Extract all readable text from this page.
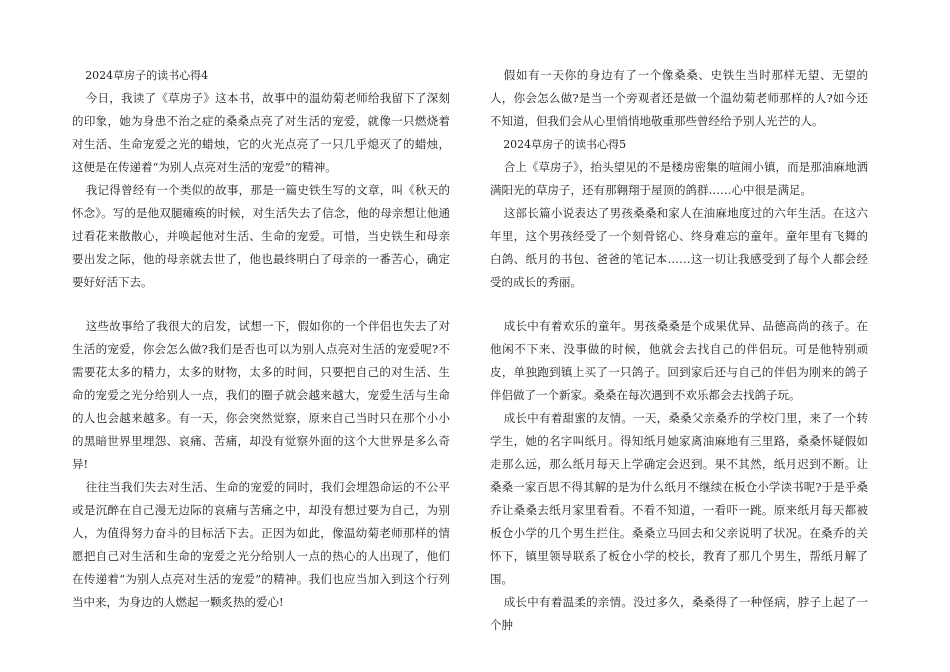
2024草房子的读书心得4

今日，我读了《草房子》这本书，故事中的温幼菊老师给我留下了深刻的印象，她为身患不治之症的桑桑点亮了对生活的宠爱，就像一只燃烧着对生活、生命宠爱之光的蜡烛，它的火光点亮了一只几乎熄灭了的蜡烛，这便是在传递着“为别人点亮对生活的宠爱”的精神。

我记得曾经有一个类似的故事，那是一篇史铁生写的文章，叫《秋天的怀念》。写的是他双腿瘫痪的时候，对生活失去了信念，他的母亲想让他通过看花来散散心，并唤起他对生活、生命的宠爱。可惜，当史铁生和母亲要出发之际，他的母亲就去世了，他也最终明白了母亲的一番苦心，确定要好好活下去。

这些故事给了我很大的启发，试想一下，假如你的一个伴侣也失去了对生活的宠爱，你会怎么做?我们是否也可以为别人点亮对生活的宠爱呢?不需要花太多的精力，太多的财物，太多的时间，只要把自己的对生活、生命的宠爱之光分给别人一点，我们的圈子就会越来越大，宠爱生活与生命的人也会越来越多。有一天，你会突然觉察，原来自己当时只在那个小小的黑暗世界里埋怨、哀痛、苦痛，却没有觉察外面的这个大世界是多么奇异!

往往当我们失去对生活、生命的宠爱的同时，我们会埋怨命运的不公平或是沉醉在自己漫无边际的哀痛与苦痛之中，却没有想过要为自己，为别人，为值得努力奋斗的目标活下去。正因为如此，像温幼菊老师那样的情愿把自己对生活和生命的宠爱之光分给别人一点的热心的人出现了，他们在传递着“为别人点亮对生活的宠爱”的精神。我们也应当加入到这个行列当中来，为身边的人燃起一颗炙热的爱心!

假如有一天你的身边有了一个像桑桑、史铁生当时那样无望、无望的人，你会怎么做?是当一个旁观者还是做一个温幼菊老师那样的人?如今还不知道，但我们会从心里悄悄地敬重那些曾经给予别人光芒的人。

2024草房子的读书心得5

合上《草房子》，抬头望见的不是楼房密集的喧闹小镇，而是那油麻地洒满阳光的草房子，还有那翱翔于屋顶的鸽群……心中很是满足。

这部长篇小说表达了男孩桑桑和家人在油麻地度过的六年生活。在这六年里，这个男孩经受了一个刻骨铭心、终身难忘的童年。童年里有飞舞的白鸽、纸月的书包、爸爸的笔记本……这一切让我感受到了每个人都会经受的成长的秀丽。

成长中有着欢乐的童年。男孩桑桑是个成果优异、品德高尚的孩子。在他闲不下来、没事做的时候，他就会去找自己的伴侣玩。可是他特别顽皮，单独跑到镇上买了一只鸽子。回到家后还与自己的伴侣为刚来的鸽子伴侣做了一个新家。桑桑在每次遇到不欢乐都会去找鸽子玩。

成长中有着甜蜜的友情。一天，桑桑父亲桑乔的学校门里，来了一个转学生，她的名字叫纸月。得知纸月她家离油麻地有三里路，桑桑怀疑假如走那么远，那么纸月每天上学确定会迟到。果不其然，纸月迟到不断。让桑桑一家百思不得其解的是为什么纸月不继续在板仓小学读书呢?于是乎桑乔让桑桑去纸月家里看看。不看不知道，一看吓一跳。原来纸月每天都被板仓小学的几个男生拦住。桑桑立马回去和父亲说明了状况。在桑乔的关怀下，镇里领导联系了板仓小学的校长，教育了那几个男生，帮纸月解了围。

成长中有着温柔的亲情。没过多久，桑桑得了一种怪病，脖子上起了一个肿
